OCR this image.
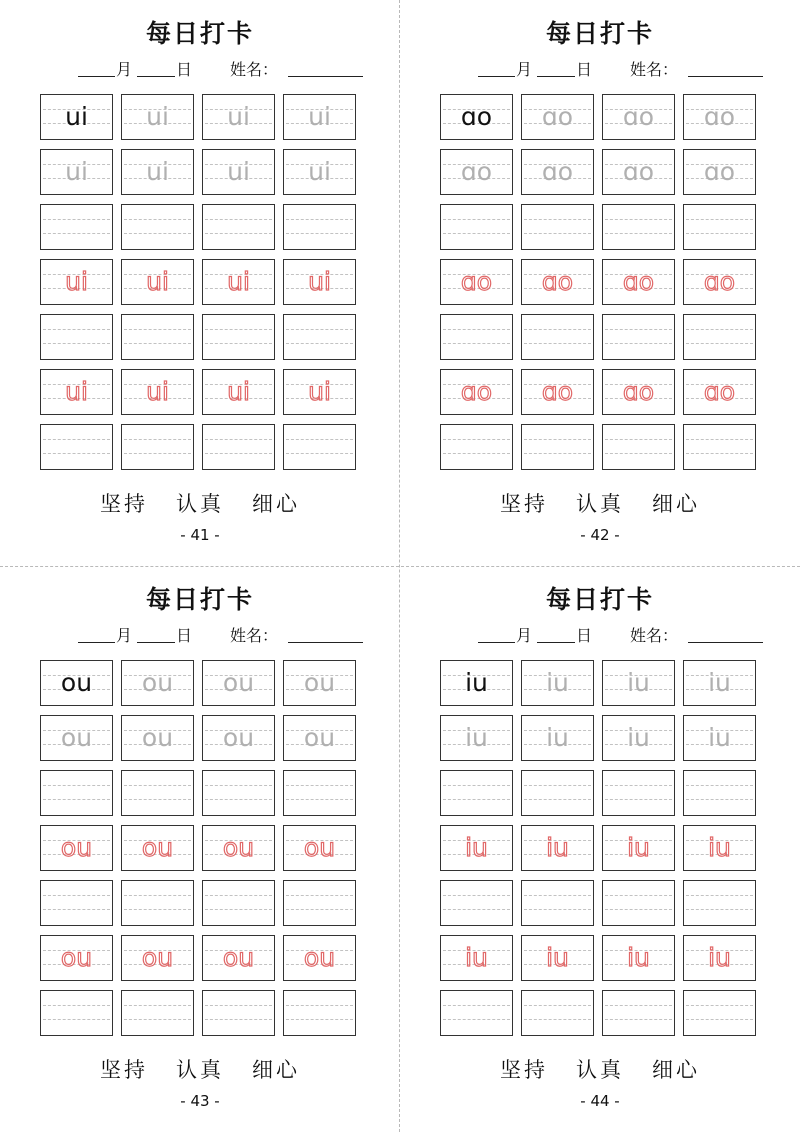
每日打卡
月	日 姓名：
ui	ui	ui	ui
ui	ui	ui	ui
ui	ui	ui	ui
ui	ui	ui	ui
坚持 认真 细心
- 41 -
每日打卡
月	日 姓名：
ɑo	ɑo	ɑo	ɑo
ɑo	ɑo	ɑo	ɑo
ɑo	ɑo	ɑo	ɑo
ɑo	ɑo	ɑo	ɑo
坚持 认真 细心
- 42 -
每日打卡
月	日 姓名：
ou	ou	ou	ou
ou	ou	ou	ou
ou	ou	ou	ou
ou	ou	ou	ou
坚持 认真 细心
- 43 -
每日打卡
月	日 姓名：
iu	iu	iu	iu
iu	iu	iu	iu
iu	iu	iu	iu
iu	iu	iu	iu
坚持 认真 细心
- 44 -
